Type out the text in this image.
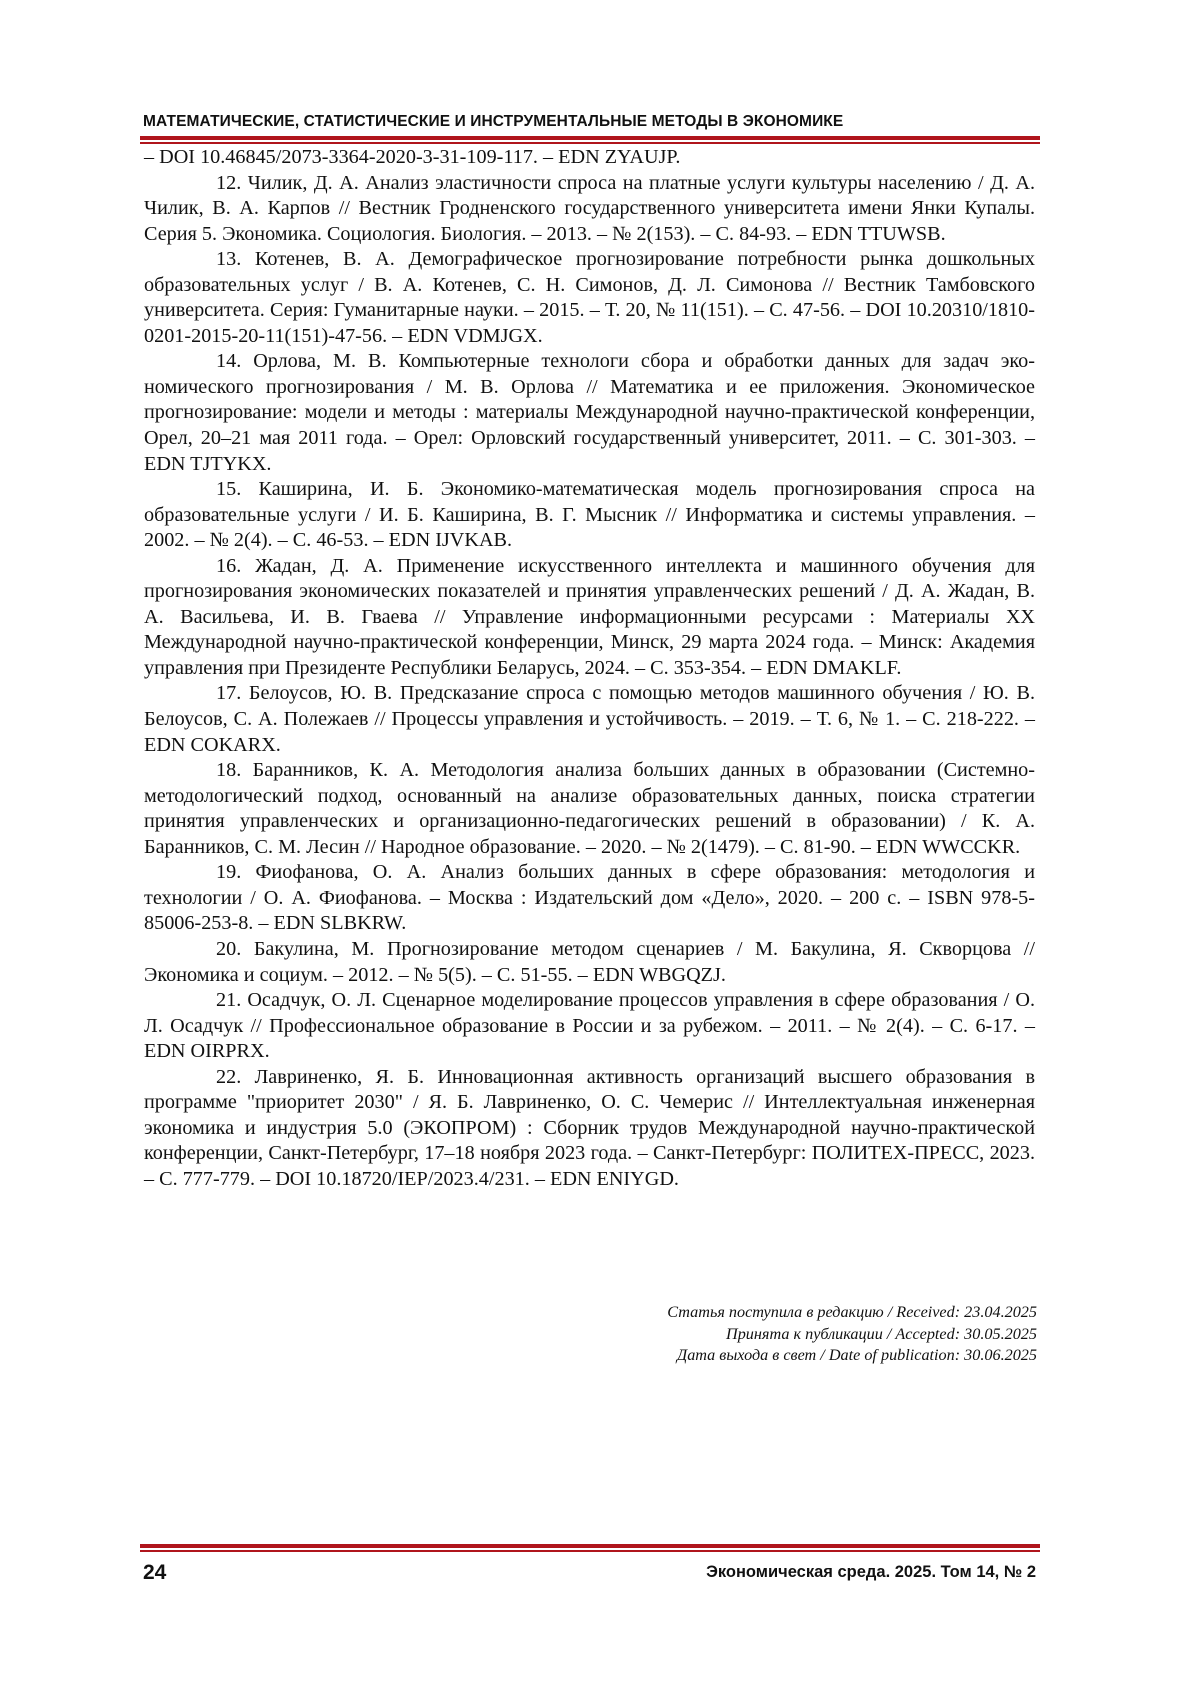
МАТЕМАТИЧЕСКИЕ, СТАТИСТИЧЕСКИЕ И ИНСТРУМЕНТАЛЬНЫЕ МЕТОДЫ В ЭКОНОМИКЕ

– DOI 10.46845/2073-3364-2020-3-31-109-117. – EDN ZYAUJP.

12. Чилик, Д. А. Анализ эластичности спроса на платные услуги культуры населению / Д. А. Чилик, В. А. Карпов // Вестник Гродненского государственного университета имени Янки Купалы. Серия 5. Экономика. Социология. Биология. – 2013. – № 2(153). – С. 84-93. – EDN TTUWSB.

13. Котенев, В. А. Демографическое прогнозирование потребности рынка дошколь­ных образовательных услуг / В. А. Котенев, С. Н. Симонов, Д. Л. Симонова // Вестник Там­бовского университета. Серия: Гуманитарные науки. – 2015. – Т. 20, № 11(151). – С. 47-56. – DOI 10.20310/1810-0201-2015-20-11(151)-47-56. – EDN VDMJGX.

14. Орлова, М. В. Компьютерные технологи сбора и обработки данных для задач эко­номического прогнозирования / М. В. Орлова // Математика и ее приложения. Экономическое прогнозирование: модели и методы : материалы Международной научно-практической кон­ференции, Орел, 20–21 мая 2011 года. – Орел: Орловский государственный университет, 2011. – С. 301-303. – EDN TJTYKX.

15. Каширина, И. Б. Экономико-математическая модель прогнозирования спроса на образовательные услуги / И. Б. Каширина, В. Г. Мысник // Информатика и системы управле­ния. – 2002. – № 2(4). – С. 46-53. – EDN IJVKAB.

16. Жадан, Д. А. Применение искусственного интеллекта и машинного обучения для прогнозирования экономических показателей и принятия управленческих решений / Д. А. Жа­дан, В. А. Васильева, И. В. Гваева // Управление информационными ресурсами : Материалы XX Международной научно-практической конференции, Минск, 29 марта 2024 года. – Минск: Академия управления при Президенте Республики Беларусь, 2024. – С. 353-354. – EDN DMAKLF.

17. Белоусов, Ю. В. Предсказание спроса с помощью методов машинного обучения / Ю. В. Белоусов, С. А. Полежаев // Процессы управления и устойчивость. – 2019. – Т. 6, № 1. – С. 218-222. – EDN COKARX.

18. Баранников, К. А. Методология анализа больших данных в образовании (Си­стемно-методологический подход, основанный на анализе образовательных данных, поиска стратегии принятия управленческих и организационно-педагогических решений в образова­нии) / К. А. Баранников, С. М. Лесин // Народное образование. – 2020. – № 2(1479). – С. 81-90. – EDN WWCCKR.

19. Фиофанова, О. А. Анализ больших данных в сфере образования: методология и технологии / О. А. Фиофанова. – Москва : Издательский дом «Дело», 2020. – 200 с. – ISBN 978-5-85006-253-8. – EDN SLBKRW.

20. Бакулина, М. Прогнозирование методом сценариев / М. Бакулина, Я. Скворцова // Экономика и социум. – 2012. – № 5(5). – С. 51-55. – EDN WBGQZJ.

21. Осадчук, О. Л. Сценарное моделирование процессов управления в сфере образова­ния / О. Л. Осадчук // Профессиональное образование в России и за рубежом. – 2011. – № 2(4). – С. 6-17. – EDN OIRPRX.

22. Лавриненко, Я. Б. Инновационная активность организаций высшего образования в программе "приоритет 2030" / Я. Б. Лавриненко, О. С. Чемерис // Интеллектуальная инженер­ная экономика и индустрия 5.0 (ЭКОПРОМ) : Сборник трудов Международной научно-прак­тической конференции, Санкт-Петербург, 17–18 ноября 2023 года. – Санкт-Петербург: ПО­ЛИТЕХ-ПРЕСС, 2023. – С. 777-779. – DOI 10.18720/IEP/2023.4/231. – EDN ENIYGD.

Статья поступила в редакцию / Received: 23.04.2025
Принята к публикации / Accepted: 30.05.2025
Дата выхода в свет / Date of publication: 30.06.2025
24	Экономическая среда. 2025. Том 14, № 2
